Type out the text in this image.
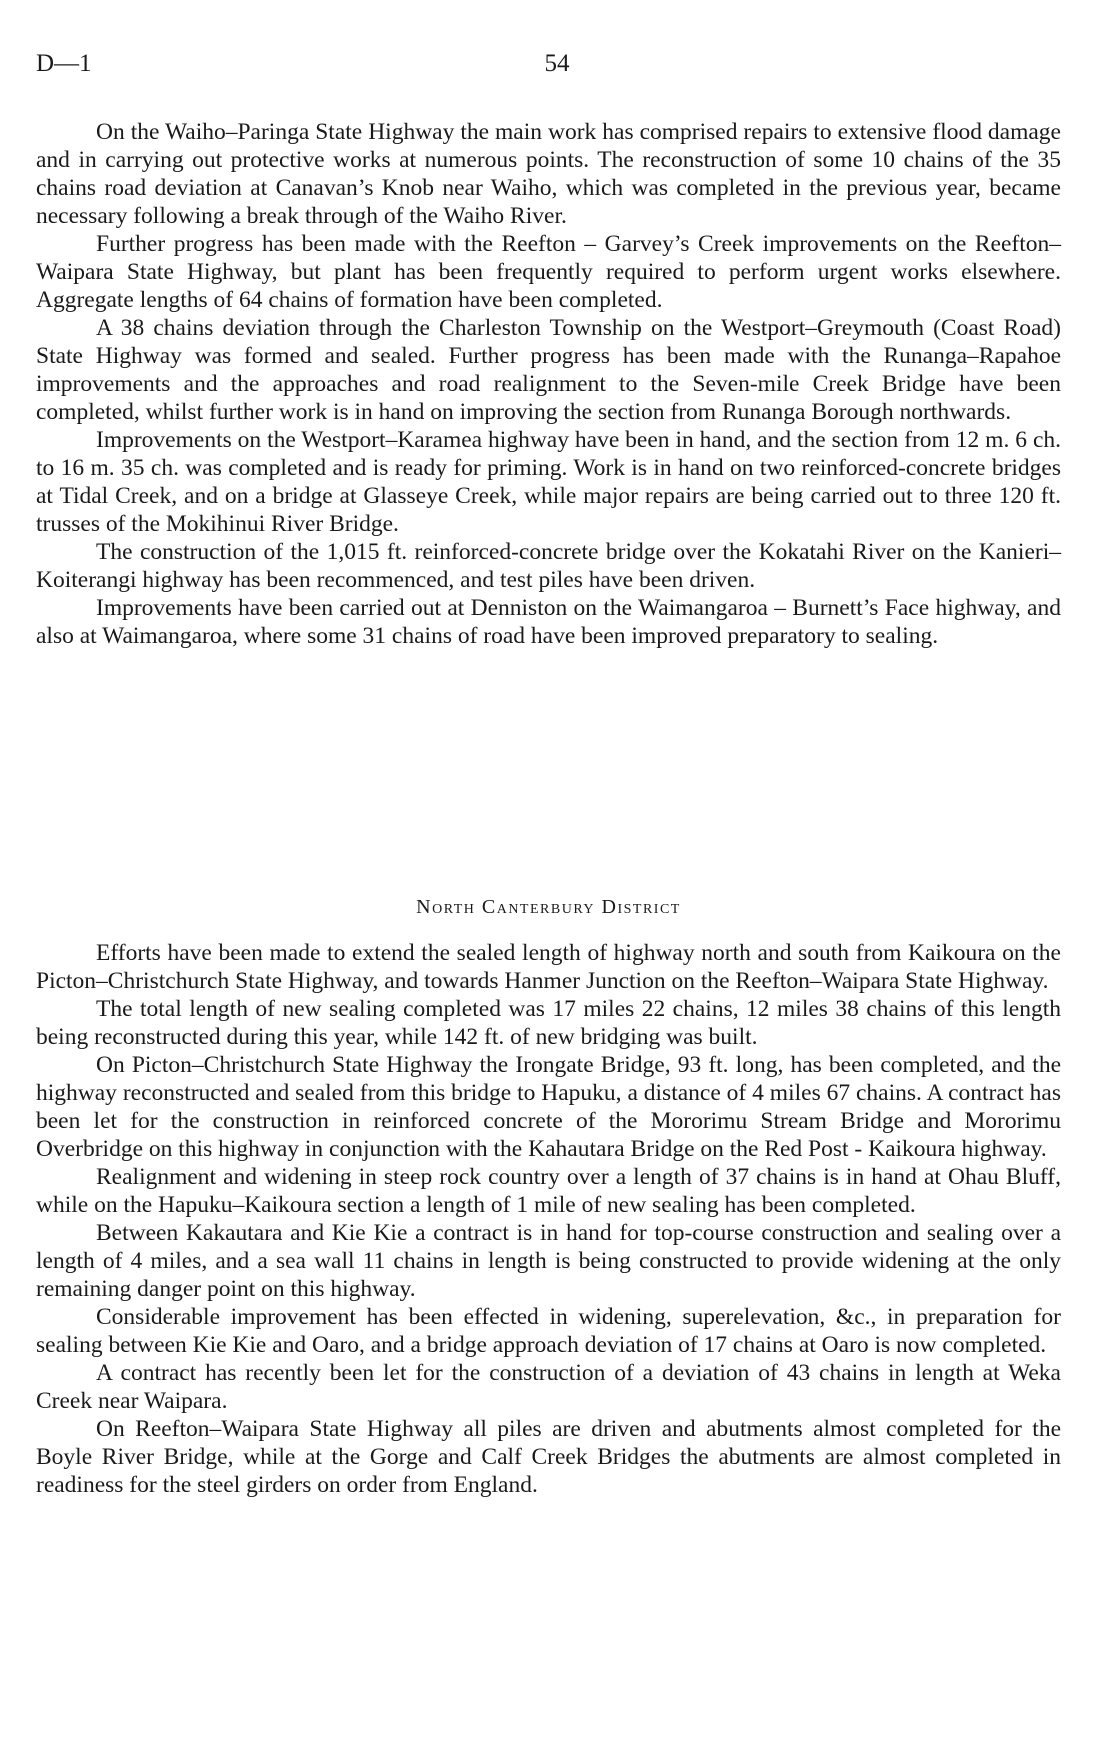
D—1	54

On the Waiho–Paringa State Highway the main work has comprised repairs to extensive flood damage and in carrying out protective works at numerous points. The reconstruction of some 10 chains of the 35 chains road deviation at Canavan’s Knob near Waiho, which was completed in the previous year, became necessary following a break through of the Waiho River.

Further progress has been made with the Reefton – Garvey’s Creek improvements on the Reefton–Waipara State Highway, but plant has been frequently required to perform urgent works elsewhere. Aggregate lengths of 64 chains of formation have been completed.

A 38 chains deviation through the Charleston Township on the Westport–Greymouth (Coast Road) State Highway was formed and sealed. Further progress has been made with the Runanga–Rapahoe improvements and the approaches and road realignment to the Seven-mile Creek Bridge have been completed, whilst further work is in hand on improving the section from Runanga Borough northwards.

Improvements on the Westport–Karamea highway have been in hand, and the section from 12 m. 6 ch. to 16 m. 35 ch. was completed and is ready for priming. Work is in hand on two reinforced-concrete bridges at Tidal Creek, and on a bridge at Glasseye Creek, while major repairs are being carried out to three 120 ft. trusses of the Mokihinui River Bridge.

The construction of the 1,015 ft. reinforced-concrete bridge over the Kokatahi River on the Kanieri–Koiterangi highway has been recommenced, and test piles have been driven.

Improvements have been carried out at Denniston on the Waimangaroa – Burnett’s Face highway, and also at Waimangaroa, where some 31 chains of road have been improved preparatory to sealing.

North Canterbury District

Efforts have been made to extend the sealed length of highway north and south from Kaikoura on the Picton–Christchurch State Highway, and towards Hanmer Junction on the Reefton–Waipara State Highway.

The total length of new sealing completed was 17 miles 22 chains, 12 miles 38 chains of this length being reconstructed during this year, while 142 ft. of new bridging was built.

On Picton–Christchurch State Highway the Irongate Bridge, 93 ft. long, has been completed, and the highway reconstructed and sealed from this bridge to Hapuku, a distance of 4 miles 67 chains. A contract has been let for the construction in reinforced concrete of the Mororimu Stream Bridge and Mororimu Overbridge on this highway in conjunction with the Kahautara Bridge on the Red Post - Kaikoura highway.

Realignment and widening in steep rock country over a length of 37 chains is in hand at Ohau Bluff, while on the Hapuku–Kaikoura section a length of 1 mile of new sealing has been completed.

Between Kakautara and Kie Kie a contract is in hand for top-course construction and sealing over a length of 4 miles, and a sea wall 11 chains in length is being constructed to provide widening at the only remaining danger point on this highway.

Considerable improvement has been effected in widening, superelevation, &c., in preparation for sealing between Kie Kie and Oaro, and a bridge approach deviation of 17 chains at Oaro is now completed.

A contract has recently been let for the construction of a deviation of 43 chains in length at Weka Creek near Waipara.

On Reefton–Waipara State Highway all piles are driven and abutments almost completed for the Boyle River Bridge, while at the Gorge and Calf Creek Bridges the abutments are almost completed in readiness for the steel girders on order from England.
